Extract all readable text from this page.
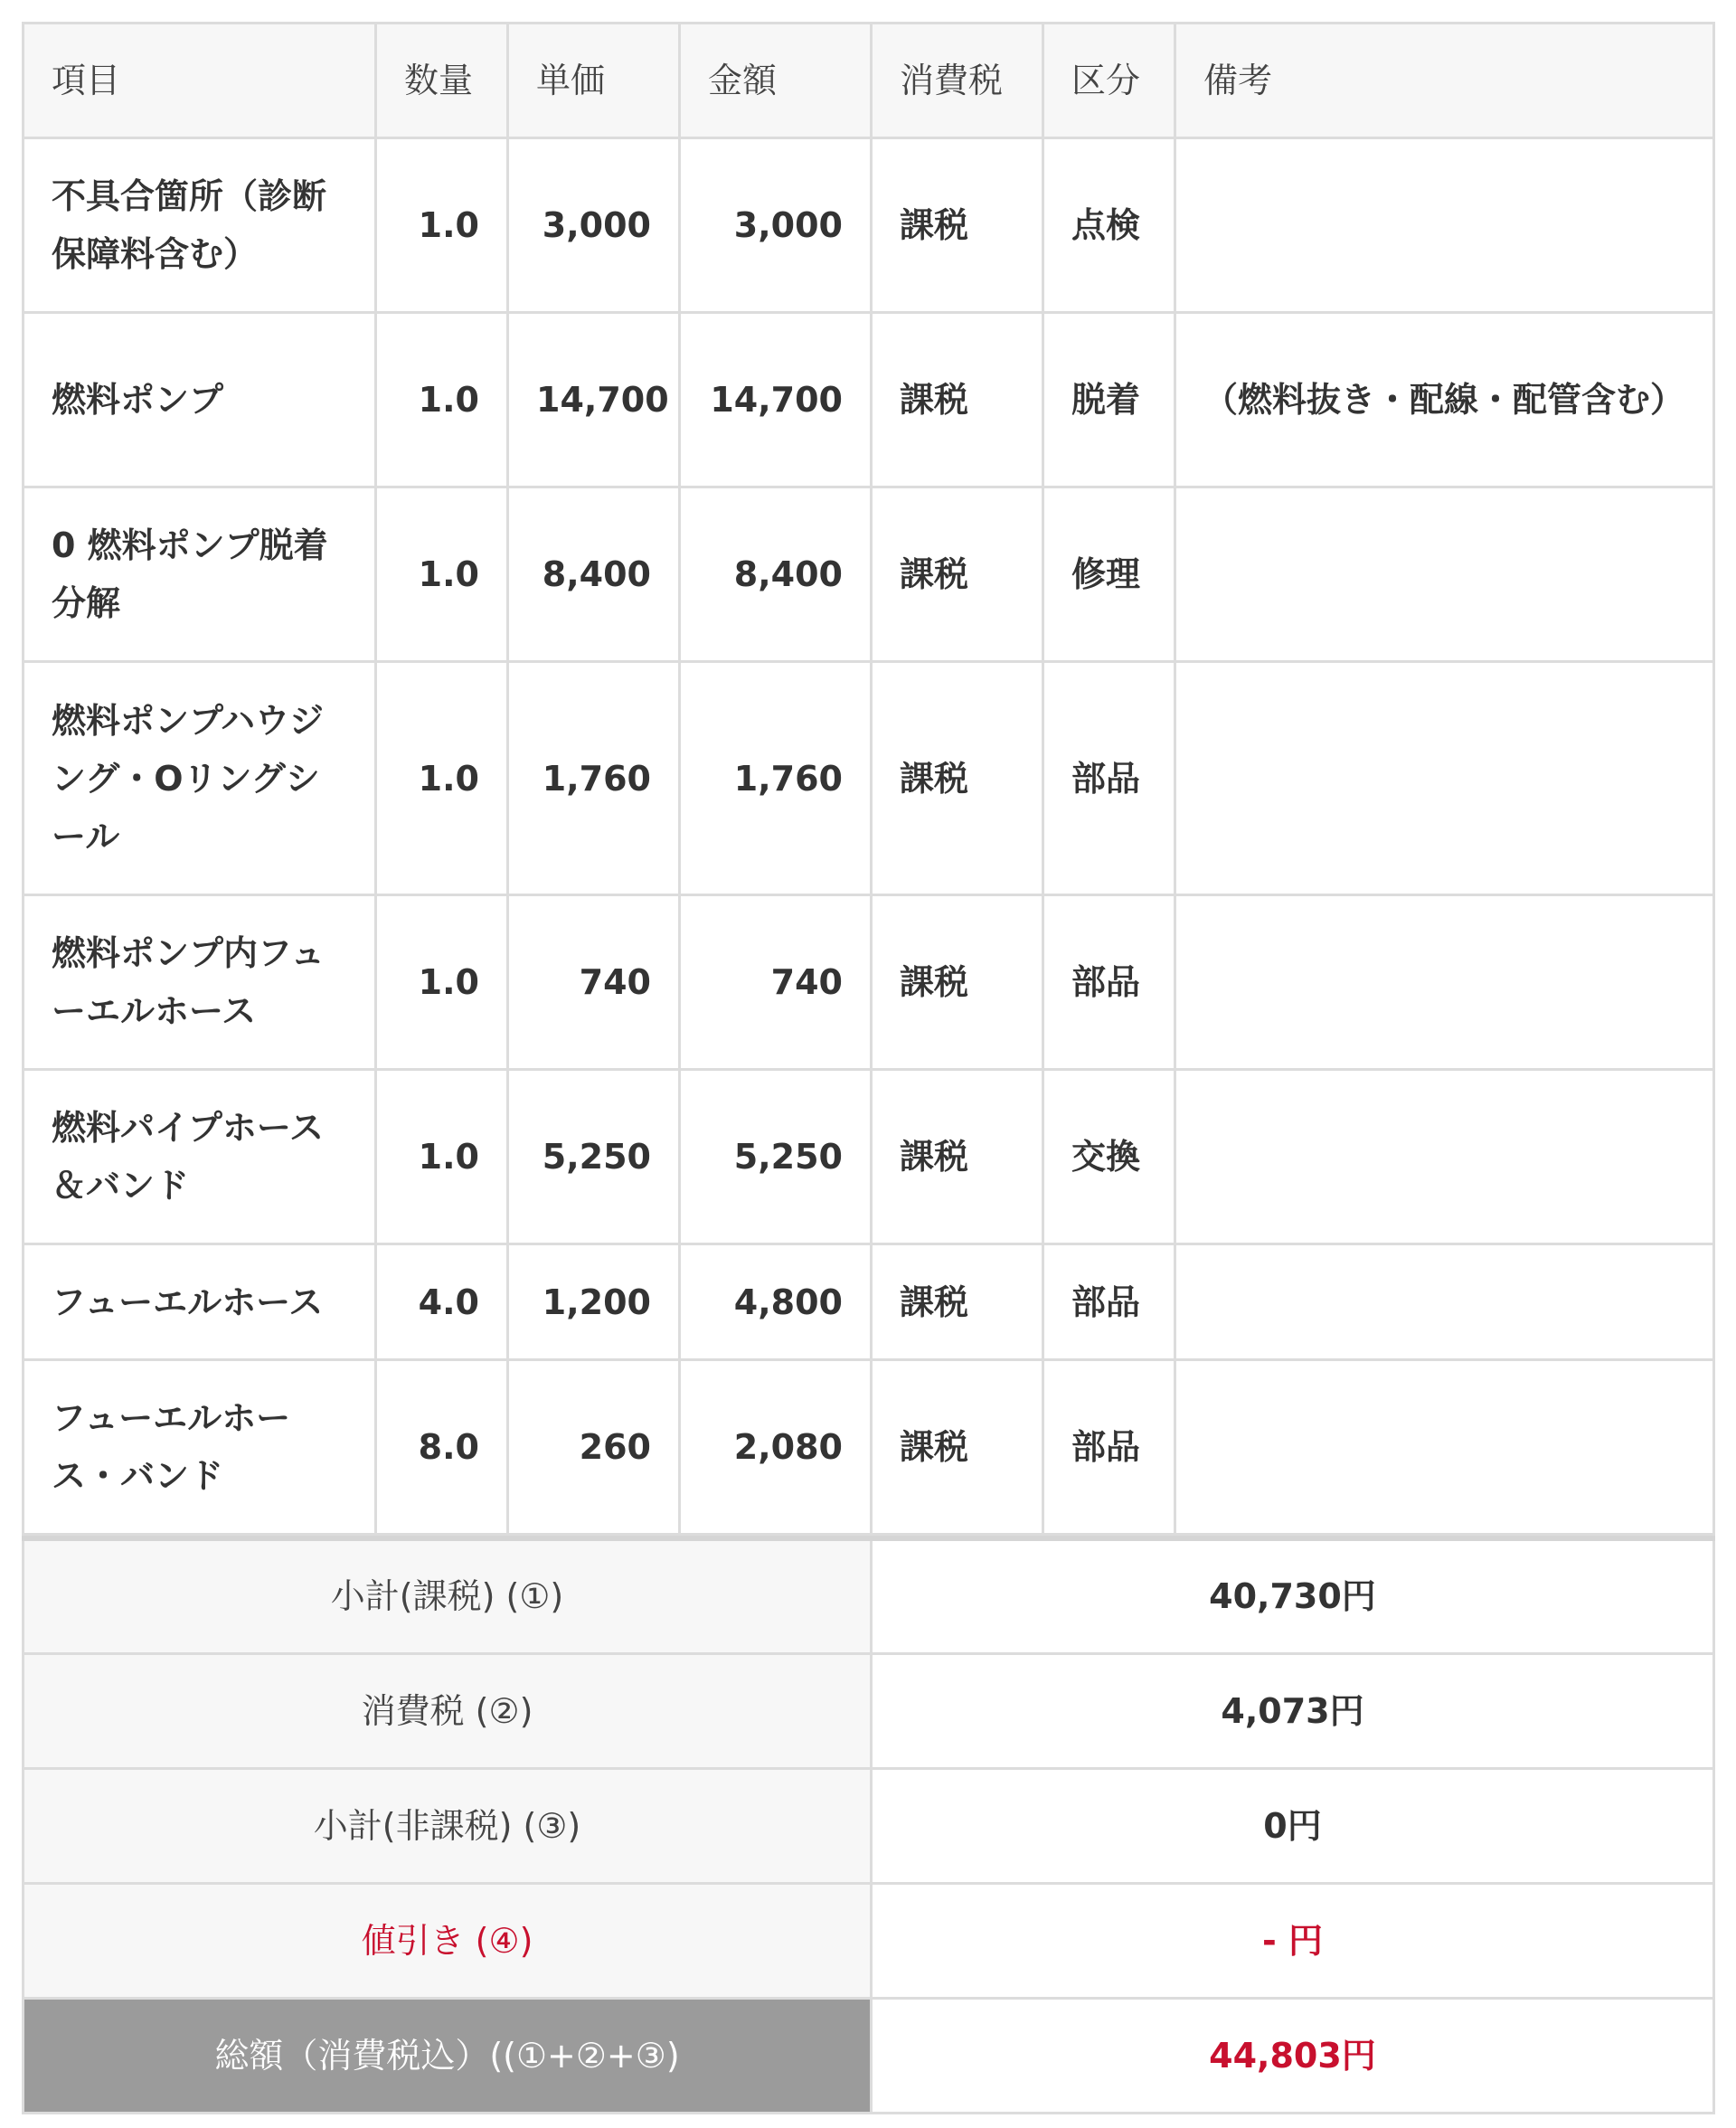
項目	数量	単価	金額	消費税	区分	備考
不具合箇所（診断保障料含む）	1.0	3,000	3,000	課税	点検	
燃料ポンプ	1.0	14,700	14,700	課税	脱着	（燃料抜き・配線・配管含む）
0 燃料ポンプ脱着分解	1.0	8,400	8,400	課税	修理	
燃料ポンプハウジング・Oリングシール	1.0	1,760	1,760	課税	部品	
燃料ポンプ内フューエルホース	1.0	740	740	課税	部品	
燃料パイプホース＆バンド	1.0	5,250	5,250	課税	交換	
フューエルホース	4.0	1,200	4,800	課税	部品	
フューエルホース・バンド	8.0	260	2,080	課税	部品	
小計(課税) (①)	40,730円
消費税 (②)	4,073円
小計(非課税) (③)	0円
値引き (④)	- 円
総額（消費税込）((①+②+③)	44,803円
